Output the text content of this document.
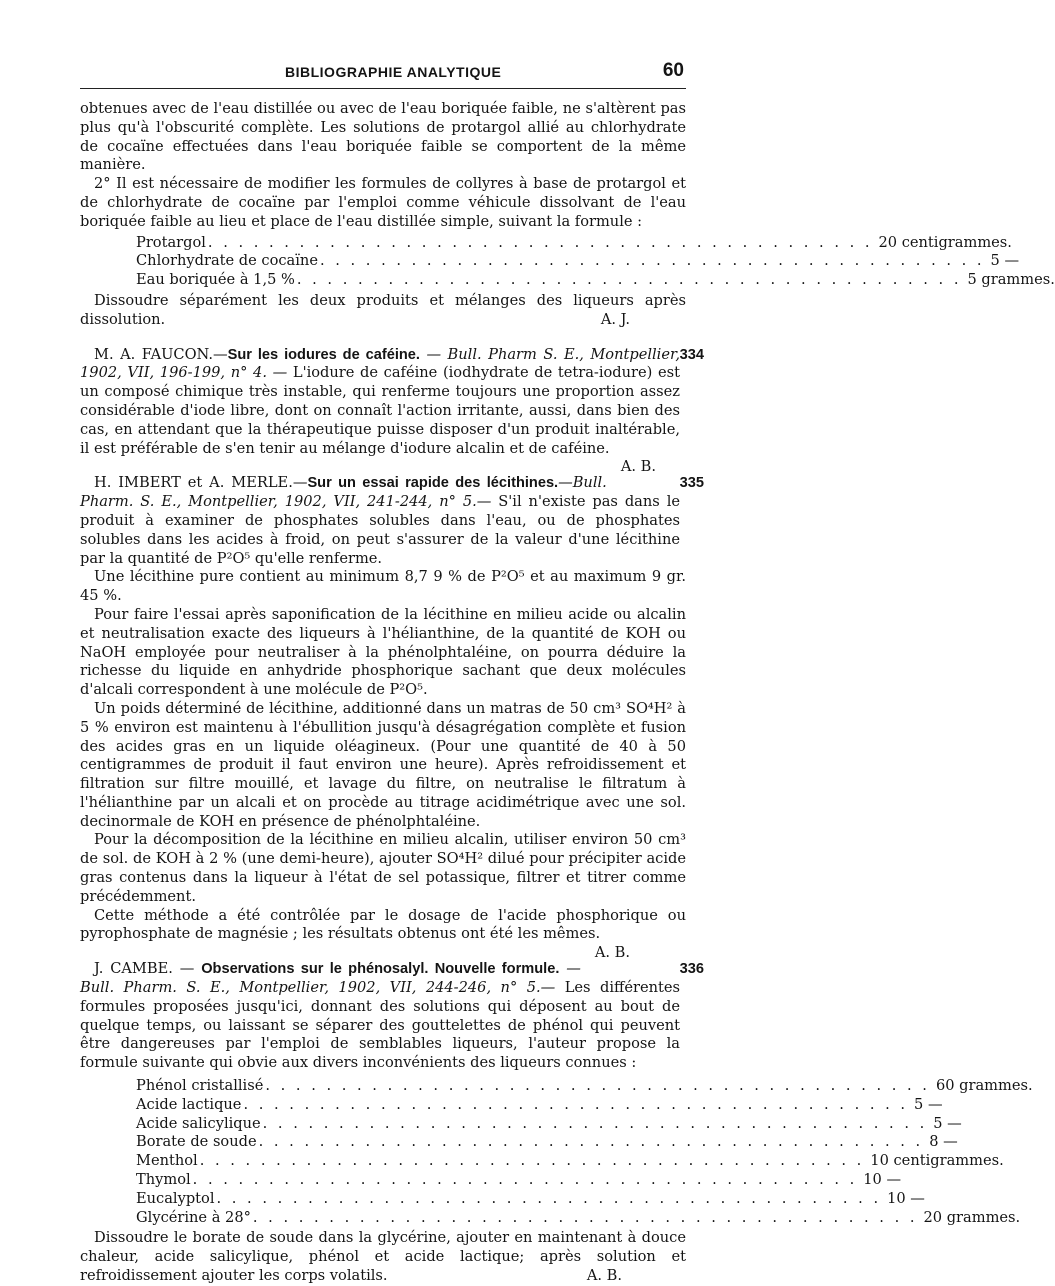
BIBLIOGRAPHIE ANALYTIQUE	60

obtenues avec de l'eau distillée ou avec de l'eau boriquée faible, ne s'altèrent pas plus qu'à l'obscurité complète. Les solutions de protargol allié au chlorhydrate de cocaïne effectuées dans l'eau boriquée faible se comportent de la même manière.

2° Il est nécessaire de modifier les formules de collyres à base de protargol et de chlorhydrate de cocaïne par l'emploi comme véhicule dissolvant de l'eau boriquée faible au lieu et place de l'eau distillée simple, suivant la formule :

Protargol . . . . . . . . . . . . . . . . . . . . . . . . . . . . . . . . . . . . . . . . . . . . 20 centigrammes.
Chlorhydrate de cocaïne . . . . . . . . . . . . . . . . . . . . . . . . . . . . . . . . . . . . . . . . . . . . 5 —
Eau boriquée à 1,5 % . . . . . . . . . . . . . . . . . . . . . . . . . . . . . . . . . . . . . . . . . . . . 5 grammes.

Dissoudre séparément les deux produits et mélanges des liqueurs après dissolution.	A. J.

M. A. FAUCON.—Sur les iodures de caféine. — Bull. Pharm S. E., Montpellier, 1902, VII, 196-199, n° 4. — L'iodure de caféine (iodhydrate de tetra-iodure) est un composé chimique très instable, qui renferme toujours une proportion assez considérable d'iode libre, dont on connaît l'action irritante, aussi, dans bien des cas, en attendant que la thérapeutique puisse disposer d'un produit inaltérable, il est préférable de s'en tenir au mélange d'iodure alcalin et de caféine.
A. B.
334

H. IMBERT et A. MERLE.—Sur un essai rapide des lécithines.—Bull. Pharm. S. E., Montpellier, 1902, VII, 241-244, n° 5.— S'il n'existe pas dans le produit à examiner de phosphates solubles dans l'eau, ou de phosphates solubles dans les acides à froid, on peut s'assurer de la valeur d'une lécithine par la quantité de P²O⁵ qu'elle renferme.
335

Une lécithine pure contient au minimum 8,7 9 % de P²O⁵ et au maximum 9 gr. 45 %.

Pour faire l'essai après saponification de la lécithine en milieu acide ou alcalin et neutralisation exacte des liqueurs à l'hélianthine, de la quantité de KOH ou NaOH employée pour neutraliser à la phénolphtaléine, on pourra déduire la richesse du liquide en anhydride phosphorique sachant que deux molécules d'alcali correspondent à une molécule de P²O⁵.

Un poids déterminé de lécithine, additionné dans un matras de 50 cm³ SO⁴H² à 5 % environ est maintenu à l'ébullition jusqu'à désagrégation complète et fusion des acides gras en un liquide oléagineux. (Pour une quantité de 40 à 50 centigrammes de produit il faut environ une heure). Après refroidissement et filtration sur filtre mouillé, et lavage du filtre, on neutralise le filtratum à l'hélianthine par un alcali et on procède au titrage acidimétrique avec une sol. decinormale de KOH en présence de phénolphtaléine.

Pour la décomposition de la lécithine en milieu alcalin, utiliser environ 50 cm³ de sol. de KOH à 2 % (une demi-heure), ajouter SO⁴H² dilué pour précipiter acide gras contenus dans la liqueur à l'état de sel potassique, filtrer et titrer comme précédemment.

Cette méthode a été contrôlée par le dosage de l'acide phosphorique ou pyrophosphate de magnésie ; les résultats obtenus ont été les mêmes.
A. B.

J. CAMBE. — Observations sur le phénosalyl. Nouvelle formule. — Bull. Pharm. S. E., Montpellier, 1902, VII, 244-246, n° 5.— Les différentes formules proposées jusqu'ici, donnant des solutions qui déposent au bout de quelque temps, ou laissant se séparer des gouttelettes de phénol qui peuvent être dangereuses par l'emploi de semblables liqueurs, l'auteur propose la formule suivante qui obvie aux divers inconvénients des liqueurs connues :
336

Phénol cristallisé . . . . . . . . . . . . . . . . . . . . . . . . . . . . . . . . . . . . . . . . . . . . 60 grammes.
Acide lactique . . . . . . . . . . . . . . . . . . . . . . . . . . . . . . . . . . . . . . . . . . . . 5 —
Acide salicylique . . . . . . . . . . . . . . . . . . . . . . . . . . . . . . . . . . . . . . . . . . . . 5 —
Borate de soude . . . . . . . . . . . . . . . . . . . . . . . . . . . . . . . . . . . . . . . . . . . . 8 —
Menthol . . . . . . . . . . . . . . . . . . . . . . . . . . . . . . . . . . . . . . . . . . . . 10 centigrammes.
Thymol . . . . . . . . . . . . . . . . . . . . . . . . . . . . . . . . . . . . . . . . . . . . 10 —
Eucalyptol . . . . . . . . . . . . . . . . . . . . . . . . . . . . . . . . . . . . . . . . . . . . 10 —
Glycérine à 28° . . . . . . . . . . . . . . . . . . . . . . . . . . . . . . . . . . . . . . . . . . . . 20 grammes.

Dissoudre le borate de soude dans la glycérine, ajouter en maintenant à douce chaleur, acide salicylique, phénol et acide lactique; après solution et refroidissement ajouter les corps volatils.	A. B.
